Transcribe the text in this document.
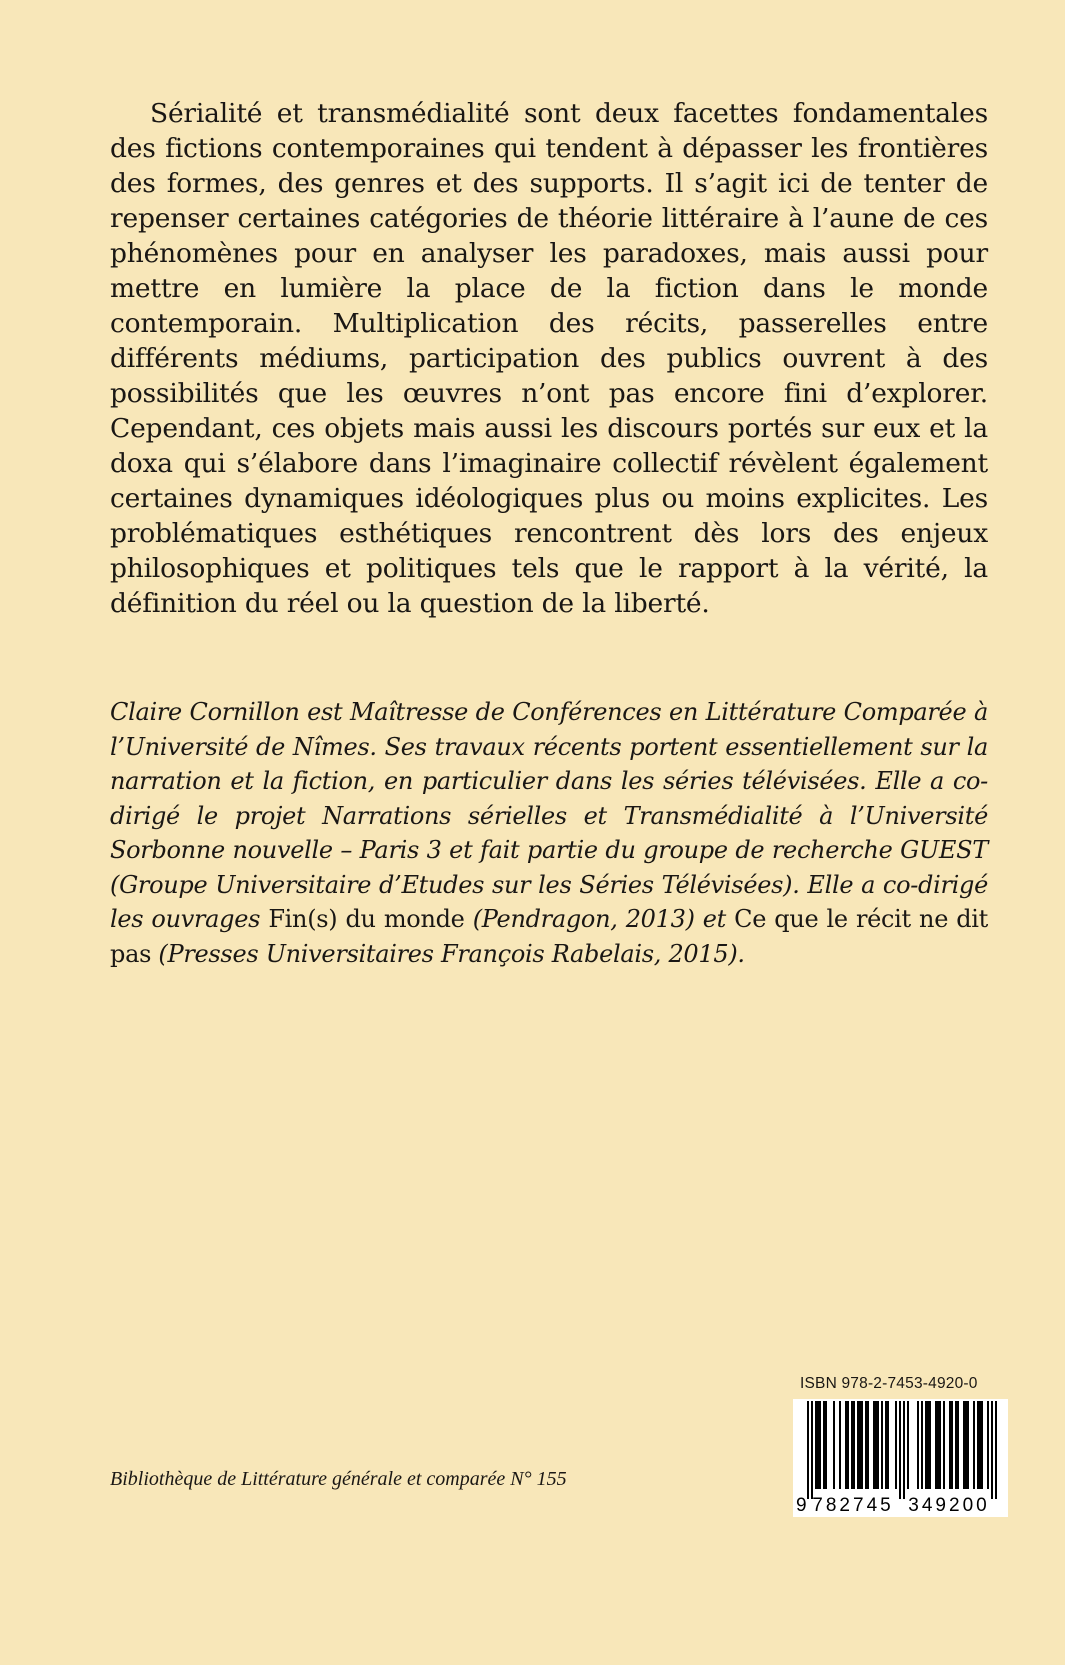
Sérialité et transmédialité sont deux facettes fondamentales des fictions contemporaines qui tendent à dépasser les frontières des formes, des genres et des supports. Il s’agit ici de tenter de repenser certaines catégories de théorie littéraire à l’aune de ces phénomènes pour en analyser les paradoxes, mais aussi pour mettre en lumière la place de la fiction dans le monde contemporain. Multiplication des récits, passerelles entre différents médiums, participation des publics ouvrent à des possibilités que les œuvres n’ont pas encore fini d’explorer. Cependant, ces objets mais aussi les discours portés sur eux et la doxa qui s’élabore dans l’imaginaire collectif révèlent également certaines dynamiques idéologiques plus ou moins explicites. Les problématiques esthétiques rencontrent dès lors des enjeux philosophiques et politiques tels que le rapport à la vérité, la définition du réel ou la question de la liberté.

Claire Cornillon est Maîtresse de Conférences en Littérature Comparée à l’Université de Nîmes. Ses travaux récents portent essentiellement sur la narration et la fiction, en particulier dans les séries télévisées. Elle a co-dirigé le projet Narrations sérielles et Transmédialité à l’Université Sorbonne nouvelle – Paris 3 et fait partie du groupe de recherche GUEST (Groupe Universitaire d’Etudes sur les Séries Télévisées). Elle a co-dirigé les ouvrages Fin(s) du monde (Pendragon, 2013) et Ce que le récit ne dit pas (Presses Universitaires François Rabelais, 2015).

Bibliothèque de Littérature générale et comparée N° 155

ISBN 978-2-7453-4920-0
9 782745 349200
